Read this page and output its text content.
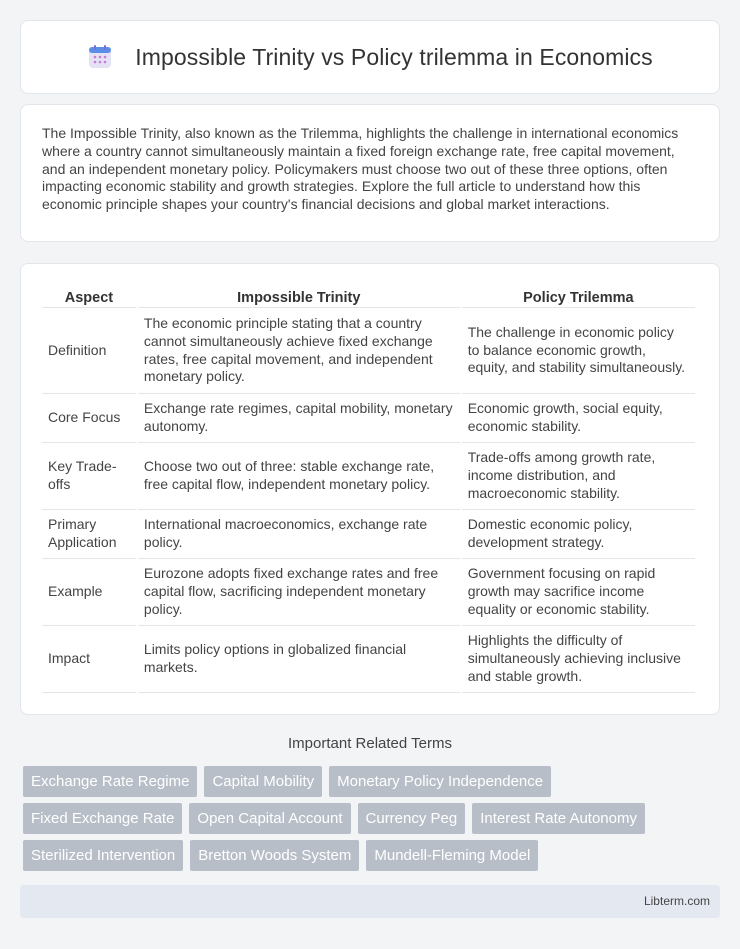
Impossible Trinity vs Policy trilemma in Economics

The Impossible Trinity, also known as the Trilemma, highlights the challenge in international economics where a country cannot simultaneously maintain a fixed foreign exchange rate, free capital movement, and an independent monetary policy. Policymakers must choose two out of these three options, often impacting economic stability and growth strategies. Explore the full article to understand how this economic principle shapes your country's financial decisions and global market interactions.

Aspect	Impossible Trinity	Policy Trilemma
Definition	The economic principle stating that a country cannot simultaneously achieve fixed exchange rates, free capital movement, and independent monetary policy.	The challenge in economic policy to balance economic growth, equity, and stability simultaneously.
Core Focus	Exchange rate regimes, capital mobility, monetary autonomy.	Economic growth, social equity, economic stability.
Key Trade-offs	Choose two out of three: stable exchange rate, free capital flow, independent monetary policy.	Trade-offs among growth rate, income distribution, and macroeconomic stability.
Primary Application	International macroeconomics, exchange rate policy.	Domestic economic policy, development strategy.
Example	Eurozone adopts fixed exchange rates and free capital flow, sacrificing independent monetary policy.	Government focusing on rapid growth may sacrifice income equality or economic stability.
Impact	Limits policy options in globalized financial markets.	Highlights the difficulty of simultaneously achieving inclusive and stable growth.
Important Related Terms
Exchange Rate Regime	Capital Mobility	Monetary Policy Independence
Fixed Exchange Rate	Open Capital Account	Currency Peg	Interest Rate Autonomy
Sterilized Intervention	Bretton Woods System	Mundell-Fleming Model
Libterm.com
